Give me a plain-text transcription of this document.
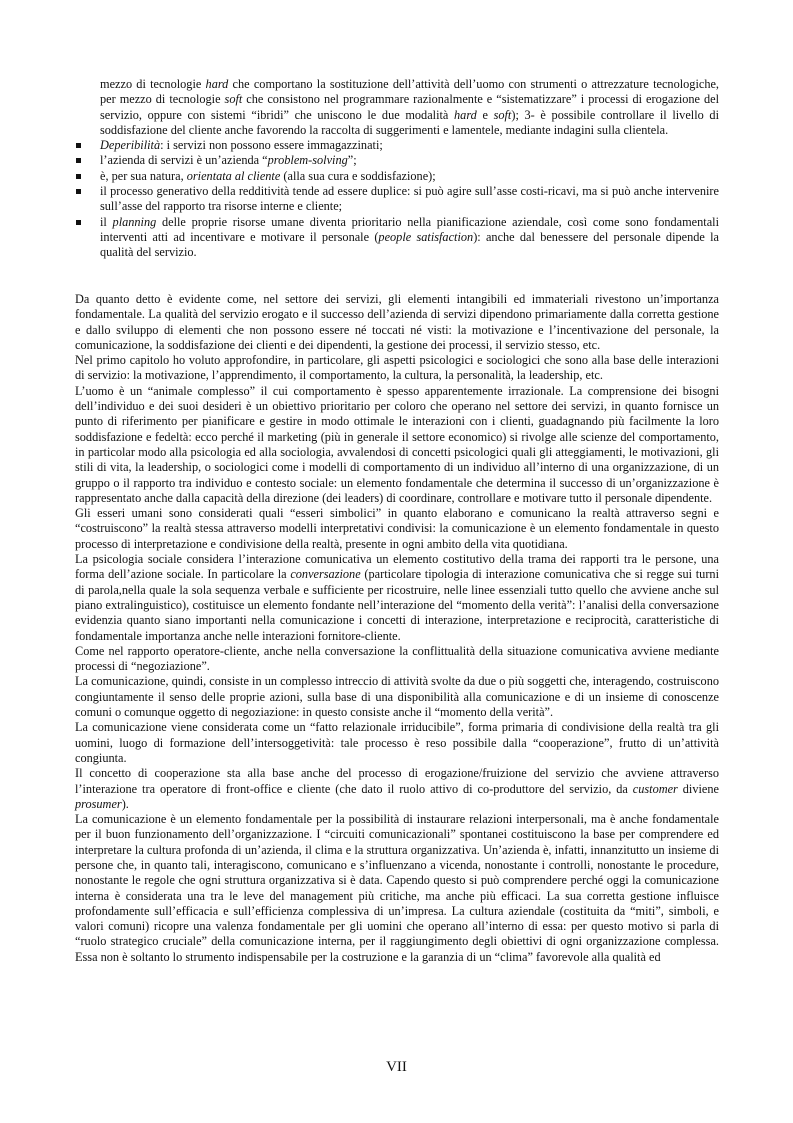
mezzo di tecnologie hard che comportano la sostituzione dell’attività dell’uomo con strumenti o attrezzature tecnologiche, per mezzo di tecnologie soft che consistono nel programmare razionalmente e “sistematizzare” i processi di erogazione del servizio, oppure con sistemi “ibridi” che uniscono le due modalità hard e soft); 3- è possibile controllare il livello di soddisfazione del cliente anche favorendo la raccolta di suggerimenti e lamentele, mediante indagini sulla clientela.

Deperibilità: i servizi non possono essere immagazzinati;
l’azienda di servizi è un’azienda “problem-solving”;
è, per sua natura, orientata al cliente (alla sua cura e soddisfazione);
il processo generativo della redditività tende ad essere duplice: si può agire sull’asse costi-ricavi, ma si può anche intervenire sull’asse del rapporto tra risorse interne e cliente;
il planning delle proprie risorse umane diventa prioritario nella pianificazione aziendale, così come sono fondamentali interventi atti ad incentivare e motivare il personale (people satisfaction): anche dal benessere del personale dipende la qualità del servizio.

Da quanto detto è evidente come, nel settore dei servizi, gli elementi intangibili ed immateriali rivestono un’importanza fondamentale. La qualità del servizio erogato e il successo dell’azienda di servizi dipendono primariamente dalla corretta gestione e dallo sviluppo di elementi che non possono essere né toccati né visti: la motivazione e l’incentivazione del personale, la comunicazione, la soddisfazione dei clienti e dei dipendenti, la gestione dei processi, il servizio stesso, etc.

Nel primo capitolo ho voluto approfondire, in particolare, gli aspetti psicologici e sociologici che sono alla base delle interazioni di servizio: la motivazione, l’apprendimento, il comportamento, la cultura, la personalità, la leadership, etc.

L’uomo è un “animale complesso” il cui comportamento è spesso apparentemente irrazionale. La comprensione dei bisogni dell’individuo e dei suoi desideri è un obiettivo prioritario per coloro che operano nel settore dei servizi, in quanto fornisce un punto di riferimento per pianificare e gestire in modo ottimale le interazioni con i clienti, guadagnando più facilmente la loro soddisfazione e fedeltà: ecco perché il marketing (più in generale il settore economico) si rivolge alle scienze del comportamento, in particolar modo alla psicologia ed alla sociologia, avvalendosi di concetti psicologici quali gli atteggiamenti, le motivazioni, gli stili di vita, la leadership, o sociologici come i modelli di comportamento di un individuo all’interno di una organizzazione, di un gruppo o il rapporto tra individuo e contesto sociale: un elemento fondamentale che determina il successo di un’organizzazione è rappresentato anche dalla capacità della direzione (dei leaders) di coordinare, controllare e motivare tutto il personale dipendente.

Gli esseri umani sono considerati quali “esseri simbolici” in quanto elaborano e comunicano la realtà attraverso segni e “costruiscono” la realtà stessa attraverso modelli interpretativi condivisi: la comunicazione è un elemento fondamentale in questo processo di interpretazione e condivisione della realtà, presente in ogni ambito della vita quotidiana.

La psicologia sociale considera l’interazione comunicativa un elemento costitutivo della trama dei rapporti tra le persone, una forma dell’azione sociale. In particolare la conversazione (particolare tipologia di interazione comunicativa che si regge sui turni di parola,nella quale la sola sequenza verbale e sufficiente per ricostruire, nelle linee essenziali tutto quello che avviene anche sul piano extralinguistico), costituisce un elemento fondante nell’interazione del “momento della verità”: l’analisi della conversazione evidenzia quanto siano importanti nella comunicazione i concetti di interazione, interpretazione e reciprocità, caratteristiche di fondamentale importanza anche nelle interazioni fornitore-cliente.

Come nel rapporto operatore-cliente, anche nella conversazione la conflittualità della situazione comunicativa avviene mediante processi di “negoziazione”.

La comunicazione, quindi, consiste in un complesso intreccio di attività svolte da due o più soggetti che, interagendo, costruiscono congiuntamente il senso delle proprie azioni, sulla base di una disponibilità alla comunicazione e di un insieme di conoscenze comuni o comunque oggetto di negoziazione: in questo consiste anche il “momento della verità”.

La comunicazione viene considerata come un “fatto relazionale irriducibile”, forma primaria di condivisione della realtà tra gli uomini, luogo di formazione dell’intersoggetività: tale processo è reso possibile dalla “cooperazione”, frutto di un’attività congiunta.

Il concetto di cooperazione sta alla base anche del processo di erogazione/fruizione del servizio che avviene attraverso l’interazione tra operatore di front-office e cliente (che dato il ruolo attivo di co-produttore del servizio, da customer diviene prosumer).

La comunicazione è un elemento fondamentale per la possibilità di instaurare relazioni interpersonali, ma è anche fondamentale per il buon funzionamento dell’organizzazione. I “circuiti comunicazionali” spontanei costituiscono la base per comprendere ed interpretare la cultura profonda di un’azienda, il clima e la struttura organizzativa. Un’azienda è, infatti, innanzitutto un insieme di persone che, in quanto tali, interagiscono, comunicano e s’influenzano a vicenda, nonostante i controlli, nonostante le procedure, nonostante le regole che ogni struttura organizzativa si è data. Capendo questo si può comprendere perché oggi la comunicazione interna è considerata una tra le leve del management più critiche, ma anche più efficaci. La sua corretta gestione influisce profondamente sull’efficacia e sull’efficienza complessiva di un’impresa. La cultura aziendale (costituita da “miti”, simboli, e valori comuni) ricopre una valenza fondamentale per gli uomini che operano all’interno di essa: per questo motivo si parla di “ruolo strategico cruciale” della comunicazione interna, per il raggiungimento degli obiettivi di ogni organizzazione complessa. Essa non è soltanto lo strumento indispensabile per la costruzione e la garanzia di un “clima” favorevole alla qualità ed

VII
